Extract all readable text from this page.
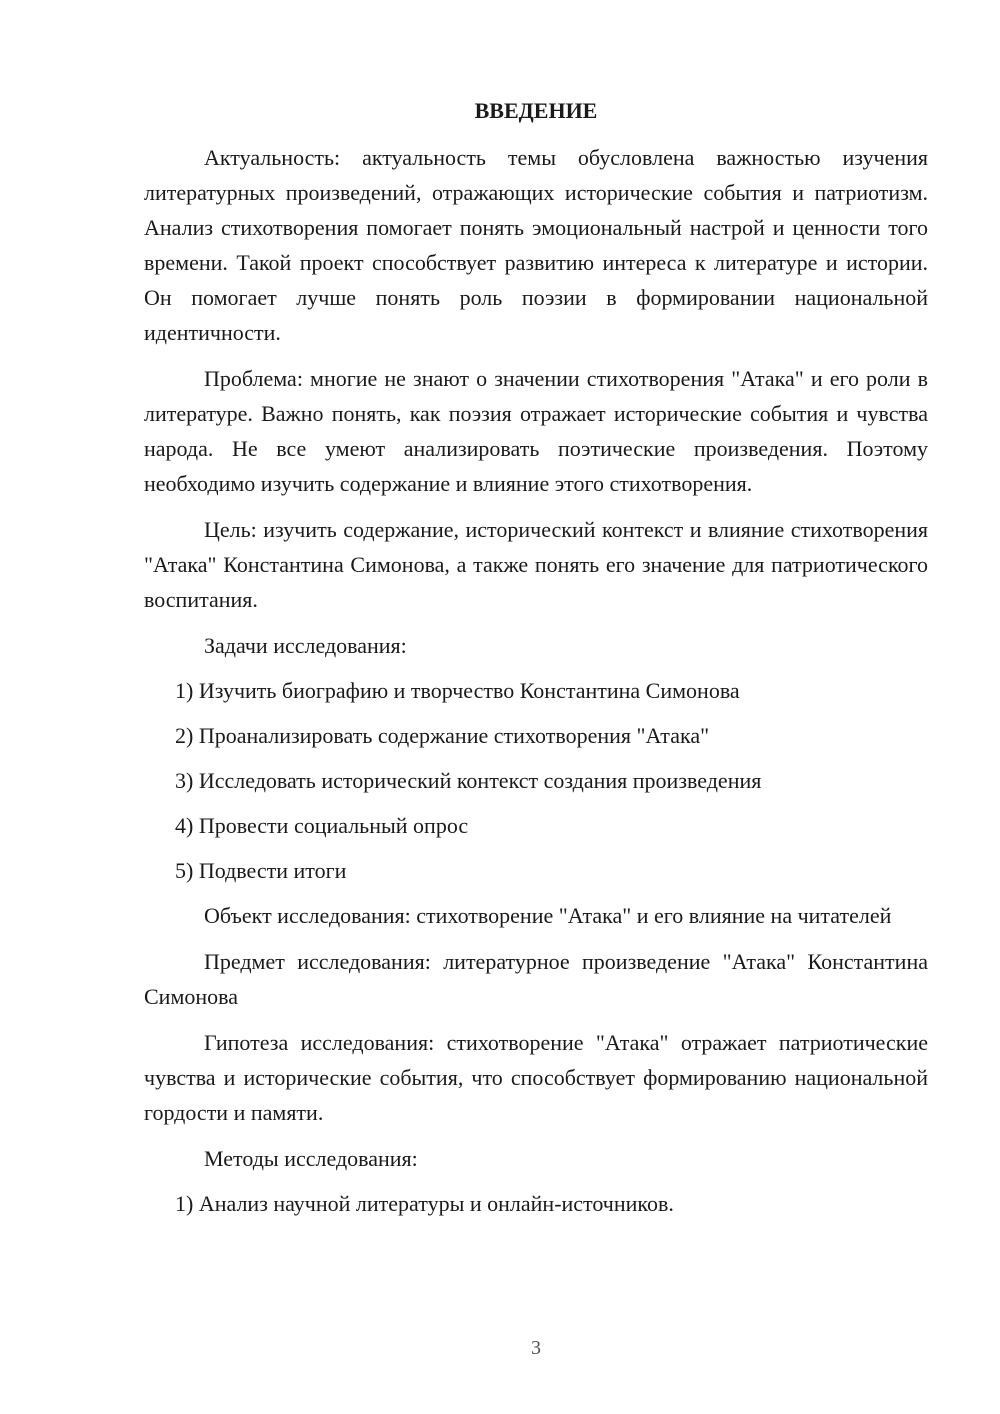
ВВЕДЕНИЕ

Актуальность: актуальность темы обусловлена важностью изучения литературных произведений, отражающих исторические события и патриотизм. Анализ стихотворения помогает понять эмоциональный настрой и ценности того времени. Такой проект способствует развитию интереса к литературе и истории. Он помогает лучше понять роль поэзии в формировании национальной идентичности.

Проблема: многие не знают о значении стихотворения "Атака" и его роли в литературе. Важно понять, как поэзия отражает исторические события и чувства народа. Не все умеют анализировать поэтические произведения. Поэтому необходимо изучить содержание и влияние этого стихотворения.

Цель: изучить содержание, исторический контекст и влияние стихотворения "Атака" Константина Симонова, а также понять его значение для патриотического воспитания.

Задачи исследования:
1) Изучить биографию и творчество Константина Симонова
2) Проанализировать содержание стихотворения "Атака"
3) Исследовать исторический контекст создания произведения
4) Провести социальный опрос
5) Подвести итоги

Объект исследования: стихотворение "Атака" и его влияние на читателей

Предмет исследования: литературное произведение "Атака" Константина Симонова

Гипотеза исследования: стихотворение "Атака" отражает патриотические чувства и исторические события, что способствует формированию национальной гордости и памяти.

Методы исследования:
1) Анализ научной литературы и онлайн-источников.
3
